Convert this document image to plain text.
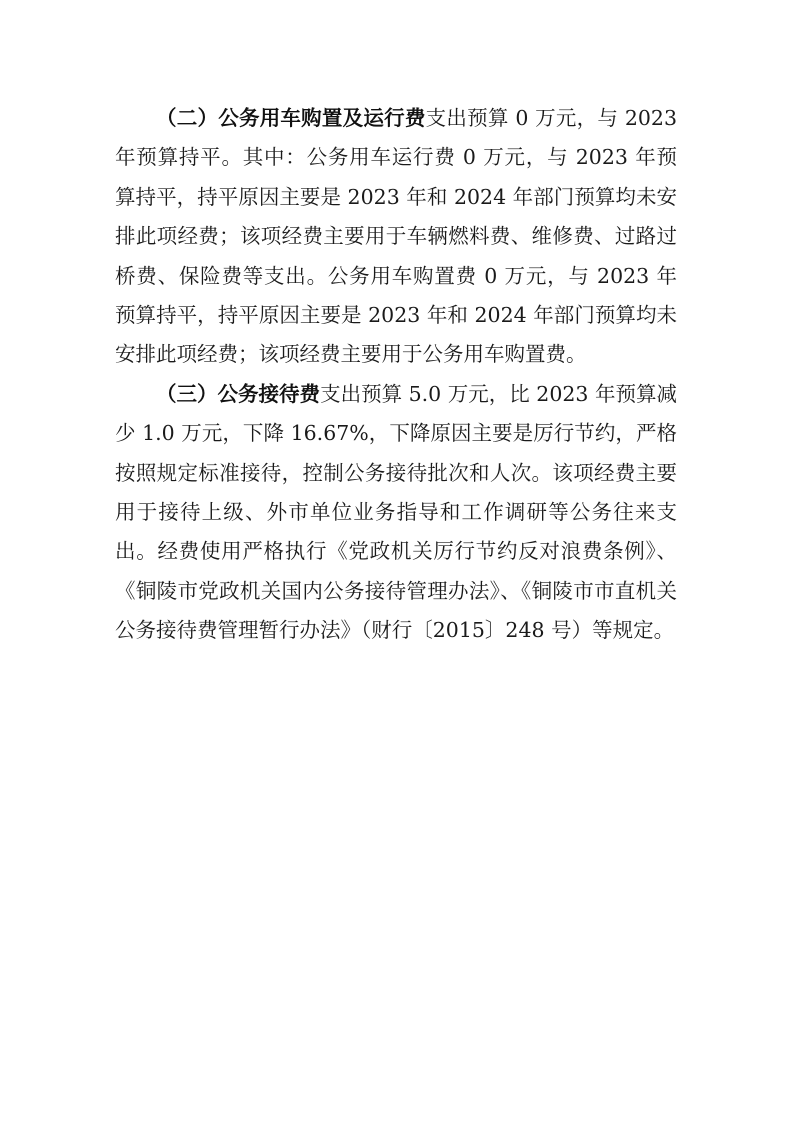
（二）公务用车购置及运行费支出预算 0 万元，与 2023 年预算持平。其中：公务用车运行费 0 万元，与 2023 年预算持平，持平原因主要是 2023 年和 2024 年部门预算均未安排此项经费；该项经费主要用于车辆燃料费、维修费、过路过桥费、保险费等支出。公务用车购置费 0 万元，与 2023 年预算持平，持平原因主要是 2023 年和 2024 年部门预算均未安排此项经费；该项经费主要用于公务用车购置费。

（三）公务接待费支出预算 5.0 万元，比 2023 年预算减少 1.0 万元，下降 16.67%，下降原因主要是厉行节约，严格按照规定标准接待，控制公务接待批次和人次。该项经费主要用于接待上级、外市单位业务指导和工作调研等公务往来支出。经费使用严格执行《党政机关厉行节约反对浪费条例》、《铜陵市党政机关国内公务接待管理办法》、《铜陵市市直机关公务接待费管理暂行办法》（财行〔2015〕248 号）等规定。
